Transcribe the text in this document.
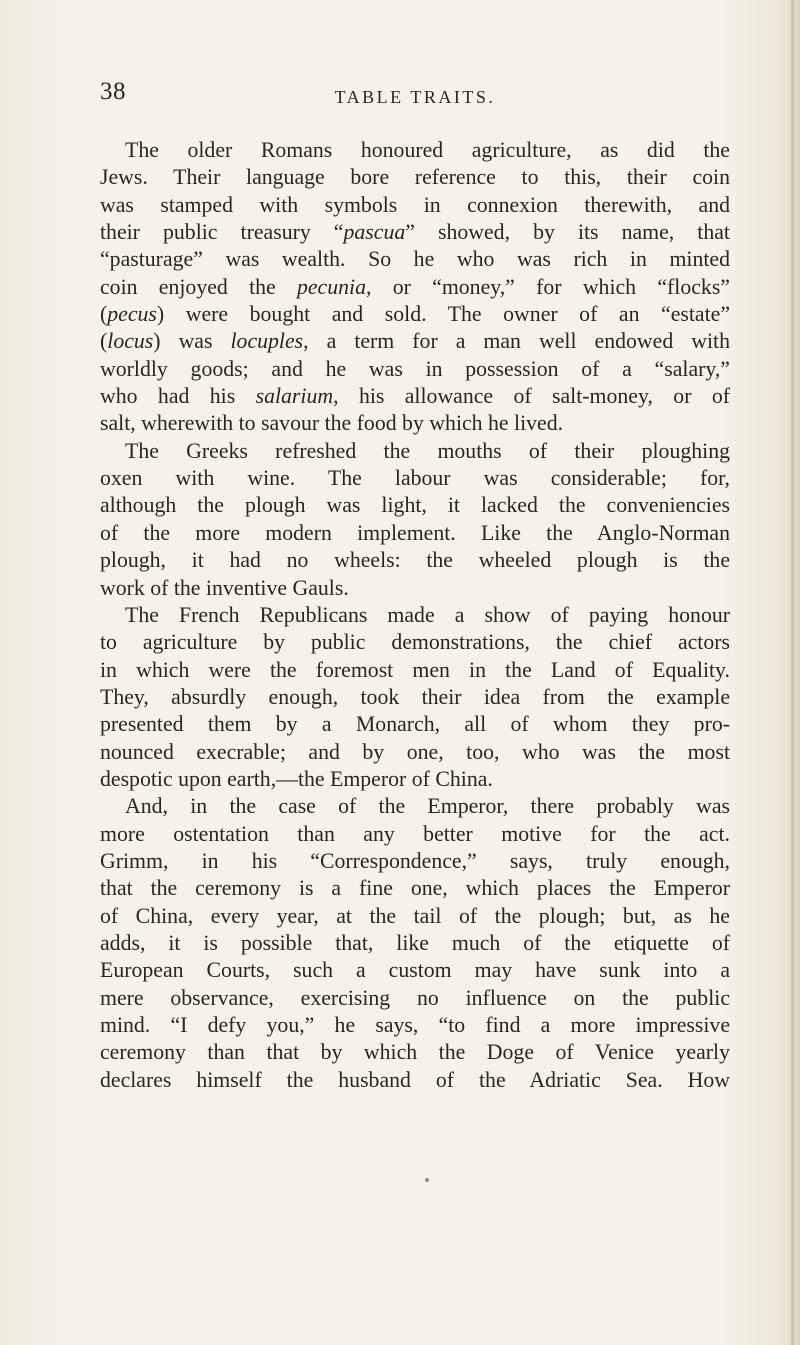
38	TABLE TRAITS.
The older Romans honoured agriculture, as did the
Jews. Their language bore reference to this, their coin
was stamped with symbols in connexion therewith, and
their public treasury “pascua” showed, by its name, that
“pasturage” was wealth. So he who was rich in minted
coin enjoyed the pecunia, or “money,” for which “flocks”
(pecus) were bought and sold. The owner of an “estate”
(locus) was locuples, a term for a man well endowed with
worldly goods; and he was in possession of a “salary,”
who had his salarium, his allowance of salt-money, or of
salt, wherewith to savour the food by which he lived.
The Greeks refreshed the mouths of their ploughing
oxen with wine. The labour was considerable; for,
although the plough was light, it lacked the conveniencies
of the more modern implement. Like the Anglo-Norman
plough, it had no wheels: the wheeled plough is the
work of the inventive Gauls.
The French Republicans made a show of paying honour
to agriculture by public demonstrations, the chief actors
in which were the foremost men in the Land of Equality.
They, absurdly enough, took their idea from the example
presented them by a Monarch, all of whom they pro-
nounced execrable; and by one, too, who was the most
despotic upon earth,—the Emperor of China.
And, in the case of the Emperor, there probably was
more ostentation than any better motive for the act.
Grimm, in his “Correspondence,” says, truly enough,
that the ceremony is a fine one, which places the Emperor
of China, every year, at the tail of the plough; but, as he
adds, it is possible that, like much of the etiquette of
European Courts, such a custom may have sunk into a
mere observance, exercising no influence on the public
mind. “I defy you,” he says, “to find a more impressive
ceremony than that by which the Doge of Venice yearly
declares himself the husband of the Adriatic Sea. How
